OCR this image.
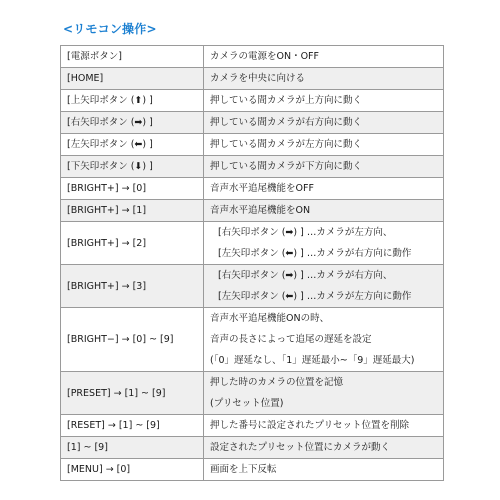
<リモコン操作>
[電源ボタン]	カメラの電源をON・OFF

[HOME]	カメラを中央に向ける

[上矢印ボタン (⬆︎) ]	押している間カメラが上方向に動く

[右矢印ボタン (➡︎) ]	押している間カメラが右方向に動く

[左矢印ボタン (⬅︎) ]	押している間カメラが左方向に動く

[下矢印ボタン (⬇︎) ]	押している間カメラが下方向に動く

[BRIGHT+] → [0]	音声水平追尾機能をOFF

[BRIGHT+] → [1]	音声水平追尾機能をON

[BRIGHT+] → [2]	[右矢印ボタン (➡︎) ] …カメラが左方向、
[左矢印ボタン (⬅︎) ] …カメラが右方向に動作

[BRIGHT+] → [3]	[右矢印ボタン (➡︎) ] …カメラが右方向、
[左矢印ボタン (⬅︎) ] …カメラが左方向に動作

[BRIGHT−] → [0] ~ [9]	音声水平追尾機能ONの時、
音声の長さによって追尾の遅延を設定
(「0」遅延なし、「1」遅延最小~「9」遅延最大)

[PRESET] → [1] ~ [9]	押した時のカメラの位置を記憶
(プリセット位置)

[RESET] → [1] ~ [9]	押した番号に設定されたプリセット位置を削除

[1] ~ [9]	設定されたプリセット位置にカメラが動く

[MENU] → [0]	画面を上下反転
